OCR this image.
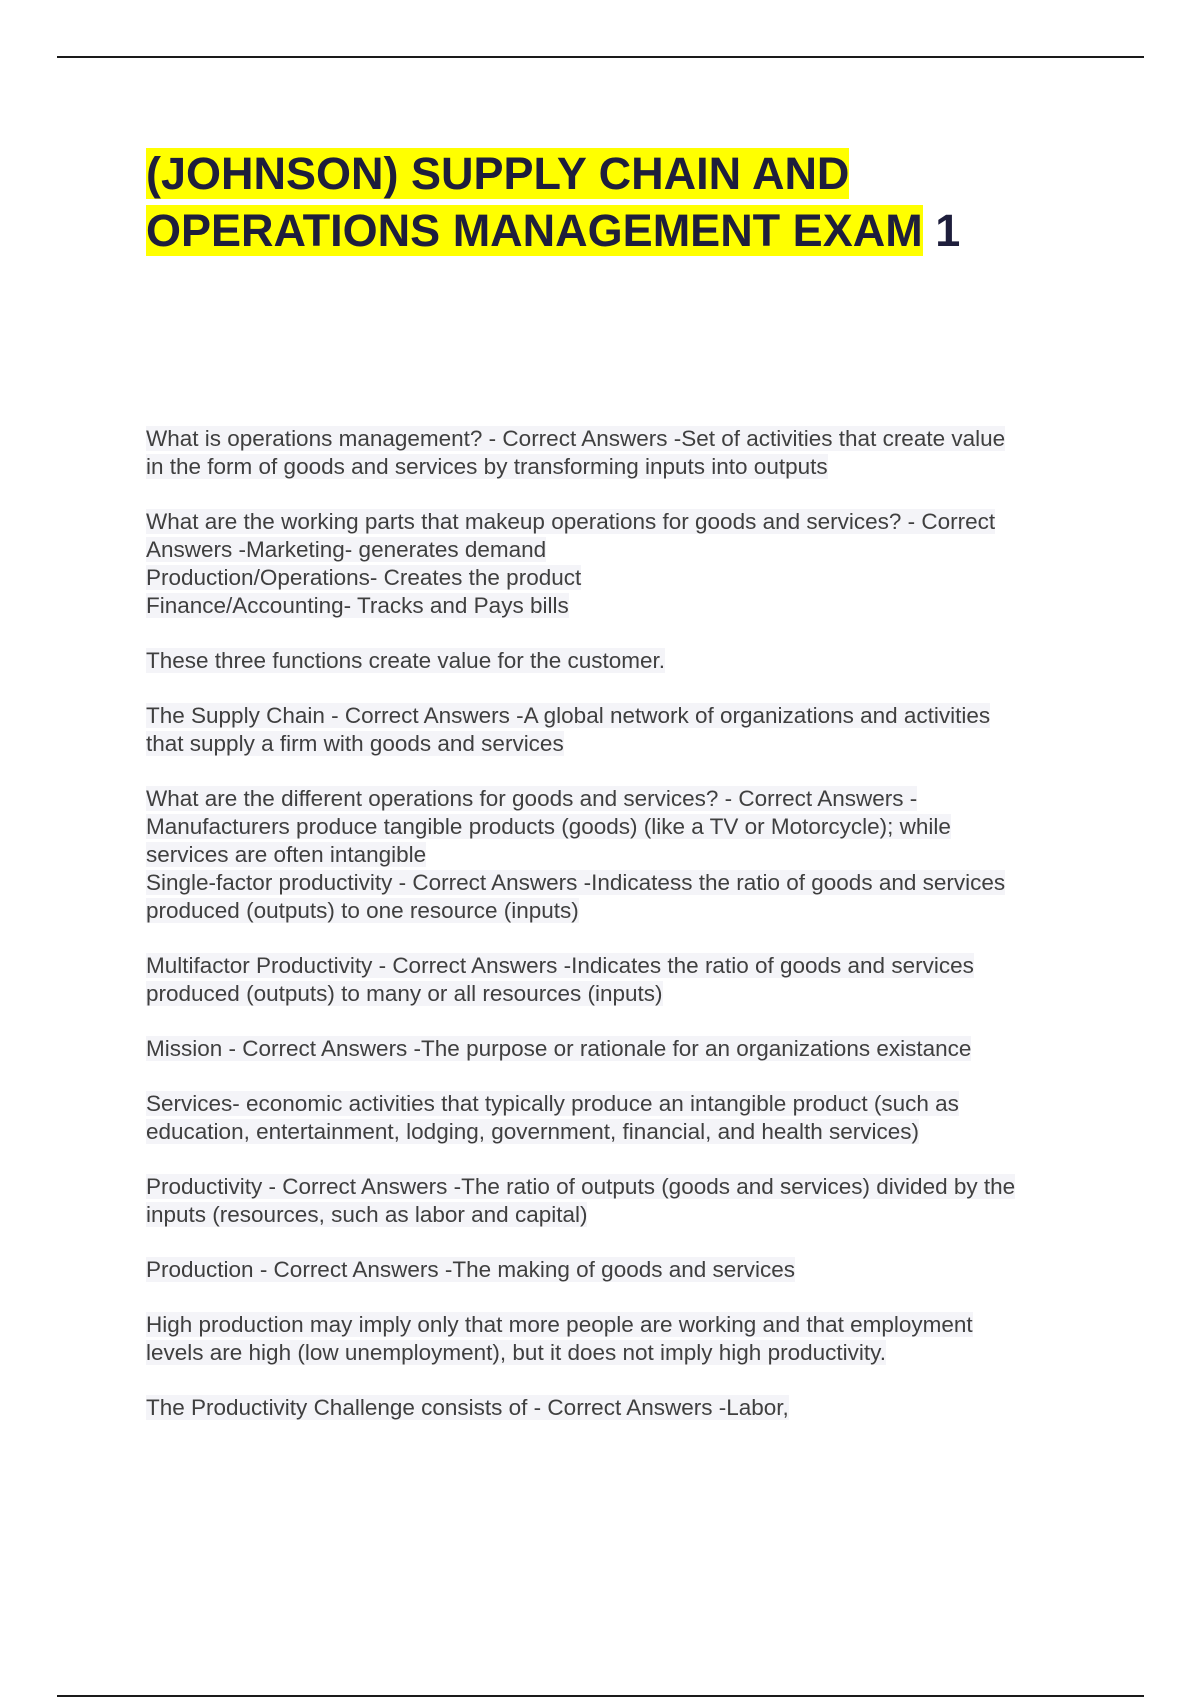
(JOHNSON) SUPPLY CHAIN AND OPERATIONS MANAGEMENT EXAM 1

What is operations management? - Correct Answers -Set of activities that create value
in the form of goods and services by transforming inputs into outputs

What are the working parts that makeup operations for goods and services? - Correct
Answers -Marketing- generates demand
Production/Operations- Creates the product
Finance/Accounting- Tracks and Pays bills

These three functions create value for the customer.

The Supply Chain - Correct Answers -A global network of organizations and activities
that supply a firm with goods and services

What are the different operations for goods and services? - Correct Answers -
Manufacturers produce tangible products (goods) (like a TV or Motorcycle); while
services are often intangible

Single-factor productivity - Correct Answers -Indicatess the ratio of goods and services
produced (outputs) to one resource (inputs)

Multifactor Productivity - Correct Answers -Indicates the ratio of goods and services
produced (outputs) to many or all resources (inputs)

Mission - Correct Answers -The purpose or rationale for an organizations existance

Services- economic activities that typically produce an intangible product (such as
education, entertainment, lodging, government, financial, and health services)

Productivity - Correct Answers -The ratio of outputs (goods and services) divided by the
inputs (resources, such as labor and capital)

Production - Correct Answers -The making of goods and services

High production may imply only that more people are working and that employment
levels are high (low unemployment), but it does not imply high productivity.

The Productivity Challenge consists of - Correct Answers -Labor,
